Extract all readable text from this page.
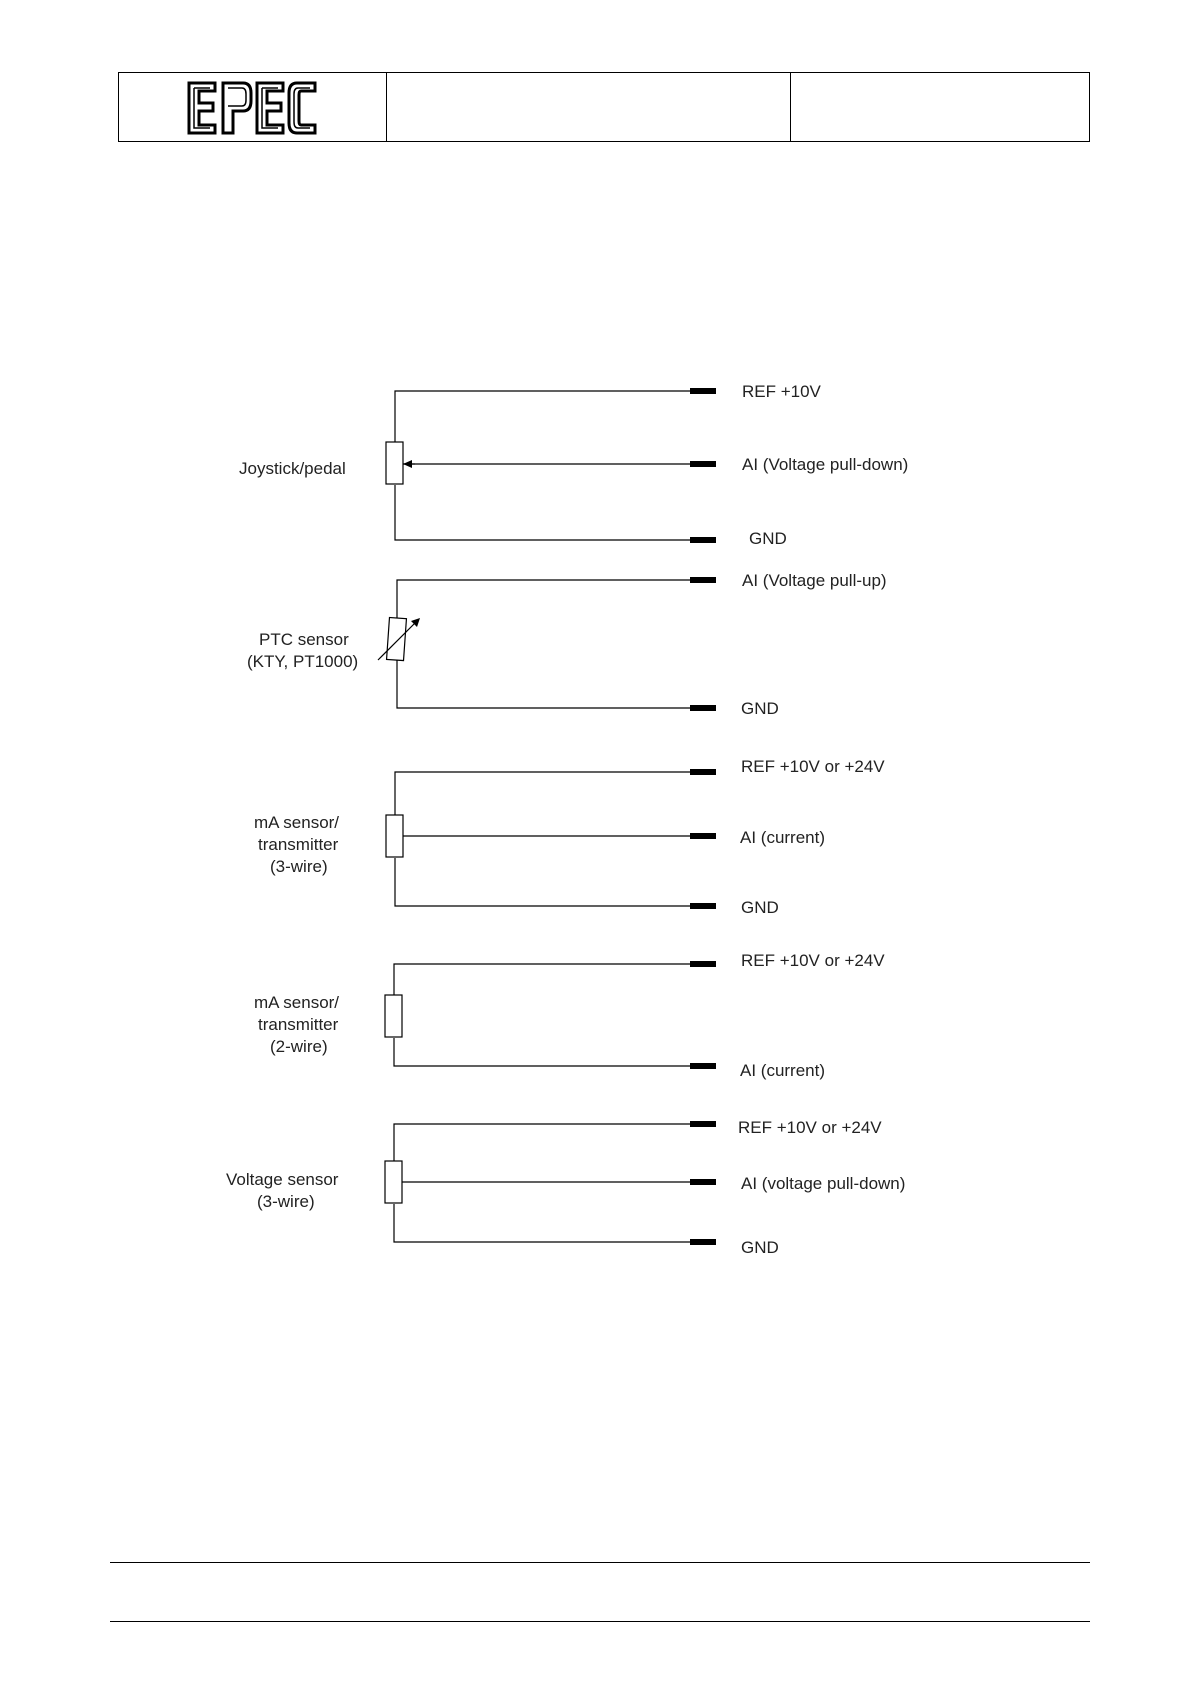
Joystick/pedal
PTC sensor
(KTY, PT1000)
mA sensor/
transmitter
(3-wire)
mA sensor/
transmitter
(2-wire)
Voltage sensor
(3-wire)
REF +10V
AI (Voltage pull-down)
GND
AI (Voltage pull-up)
GND
REF +10V or +24V
AI (current)
GND
REF +10V or +24V
AI (current)
REF +10V or +24V
AI (voltage pull-down)
GND
